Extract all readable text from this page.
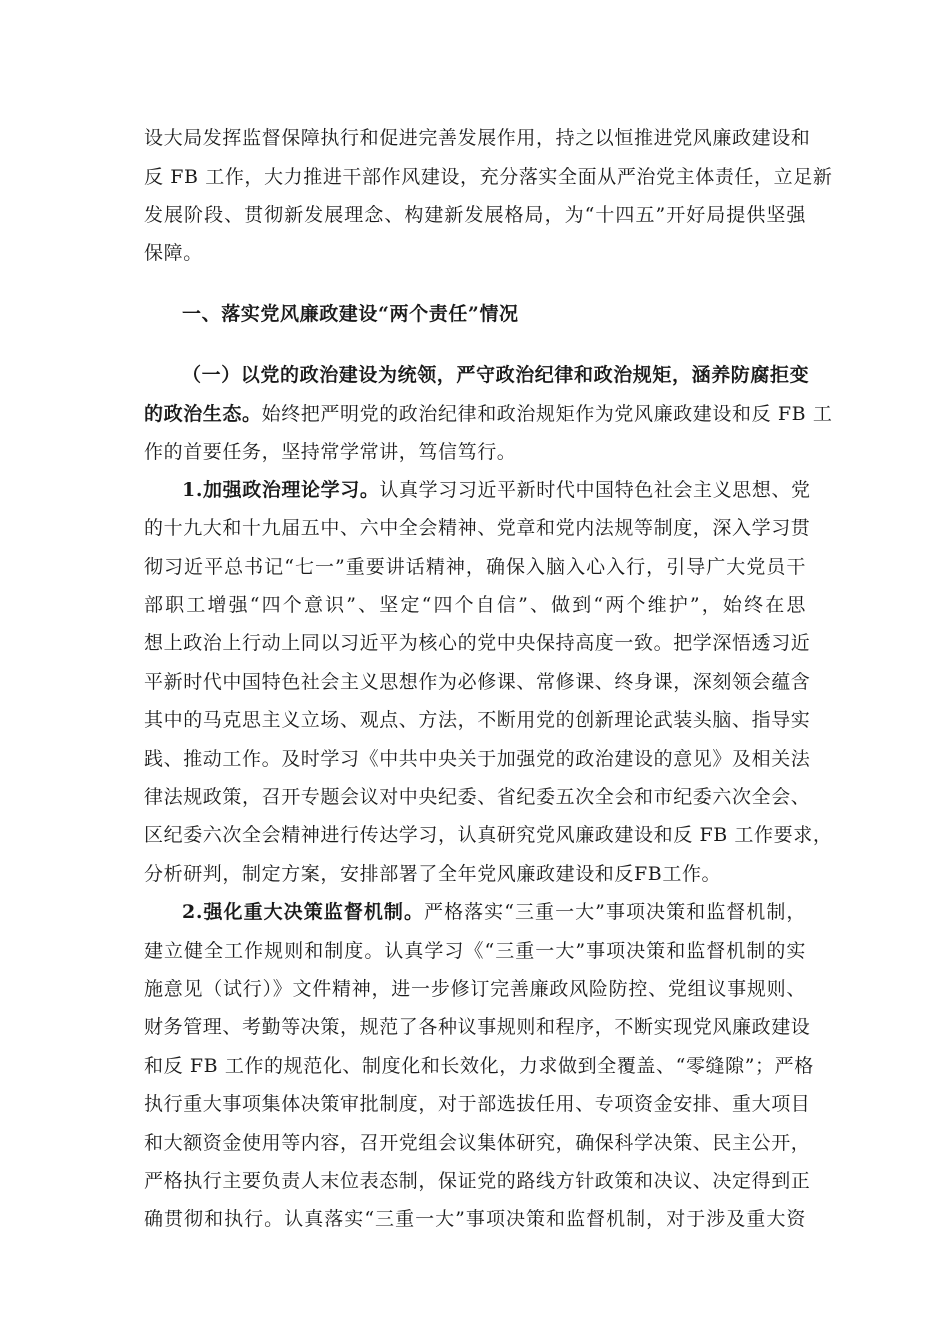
设大局发挥监督保障执行和促进完善发展作用，持之以恒推进党风廉政建设和
反 FB 工作，大力推进干部作风建设，充分落实全面从严治党主体责任，立足新
发展阶段、贯彻新发展理念、构建新发展格局，为“十四五”开好局提供坚强
保障。
一、落实党风廉政建设“两个责任”情况
（一）以党的政治建设为统领，严守政治纪律和政治规矩，涵养防腐拒变
的政治生态。始终把严明党的政治纪律和政治规矩作为党风廉政建设和反 FB 工
作的首要任务，坚持常学常讲，笃信笃行。
1.加强政治理论学习。认真学习习近平新时代中国特色社会主义思想、党
的十九大和十九届五中、六中全会精神、党章和党内法规等制度，深入学习贯
彻习近平总书记“七一”重要讲话精神，确保入脑入心入行，引导广大党员干
部职工增强“四个意识”、坚定“四个自信”、做到“两个维护”，始终在思
想上政治上行动上同以习近平为核心的党中央保持高度一致。把学深悟透习近
平新时代中国特色社会主义思想作为必修课、常修课、终身课，深刻领会蕴含
其中的马克思主义立场、观点、方法，不断用党的创新理论武装头脑、指导实
践、推动工作。及时学习《中共中央关于加强党的政治建设的意见》及相关法
律法规政策，召开专题会议对中央纪委、省纪委五次全会和市纪委六次全会、
区纪委六次全会精神进行传达学习，认真研究党风廉政建设和反 FB 工作要求，
分析研判，制定方案，安排部署了全年党风廉政建设和反FB工作。
2.强化重大决策监督机制。严格落实“三重一大”事项决策和监督机制，
建立健全工作规则和制度。认真学习《“三重一大”事项决策和监督机制的实
施意见（试行）》文件精神，进一步修订完善廉政风险防控、党组议事规则、
财务管理、考勤等决策，规范了各种议事规则和程序，不断实现党风廉政建设
和反 FB 工作的规范化、制度化和长效化，力求做到全覆盖、“零缝隙”；严格
执行重大事项集体决策审批制度，对于部选拔任用、专项资金安排、重大项目
和大额资金使用等内容，召开党组会议集体研究，确保科学决策、民主公开，
严格执行主要负责人末位表态制，保证党的路线方针政策和决议、决定得到正
确贯彻和执行。认真落实“三重一大”事项决策和监督机制，对于涉及重大资
